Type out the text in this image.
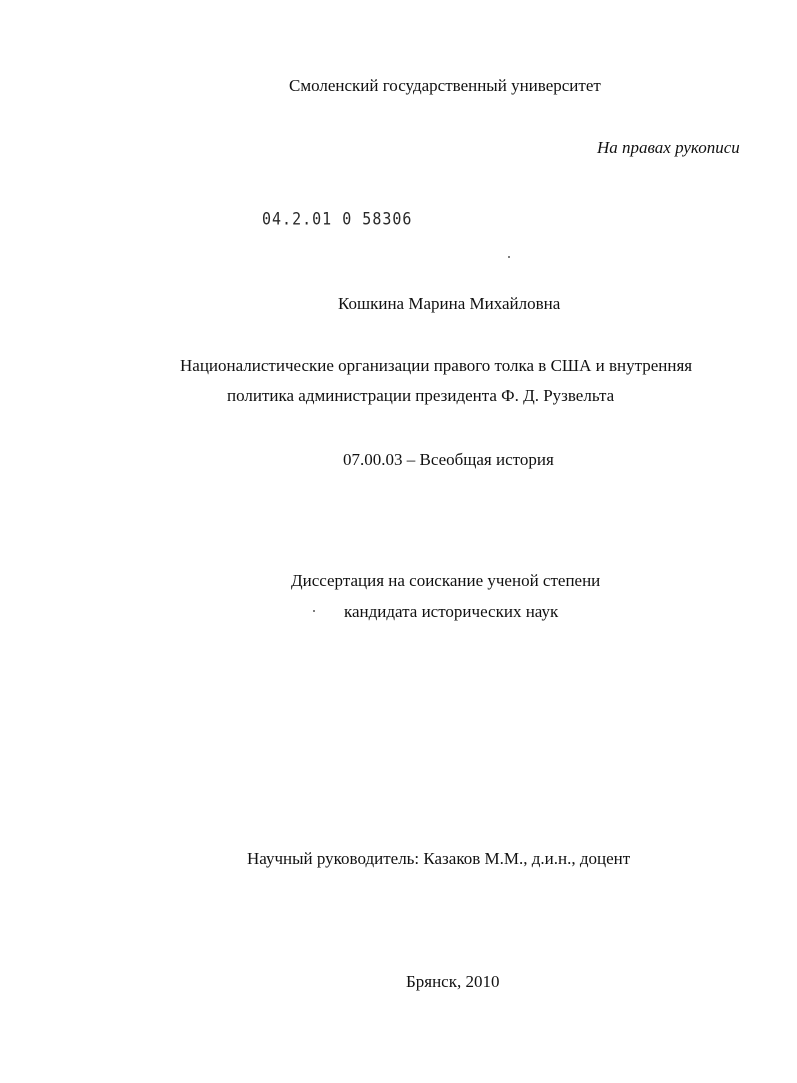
Смоленский государственный университет
На правах рукописи
04.2.01 0 58306
Кошкина Марина Михайловна
Националистические организации правого толка в США и внутренняя
политика администрации президента Ф. Д. Рузвельта
07.00.03 – Всеобщая история
Диссертация на соискание ученой степени
кандидата исторических наук
Научный руководитель: Казаков М.М., д.и.н., доцент
Брянск, 2010
